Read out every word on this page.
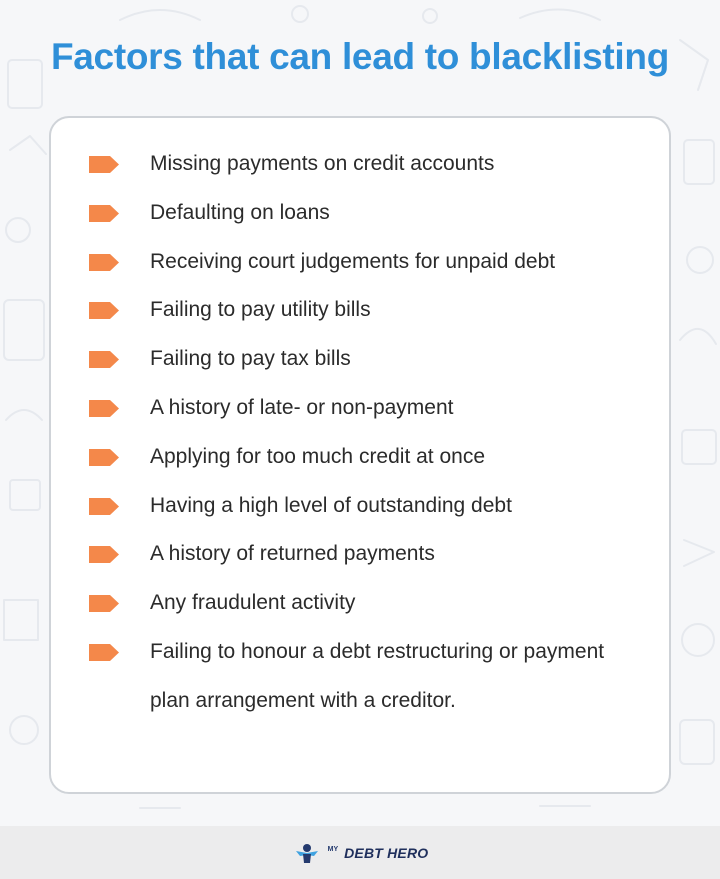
Factors that can lead to blacklisting
Missing payments on credit accounts
Defaulting on loans
Receiving court judgements for unpaid debt
Failing to pay utility bills
Failing to pay tax bills
A history of late- or non-payment
Applying for too much credit at once
Having a high level of outstanding debt
A history of returned payments
Any fraudulent activity
Failing to honour a debt restructuring or payment plan arrangement with a creditor.
MY DEBT HERO
